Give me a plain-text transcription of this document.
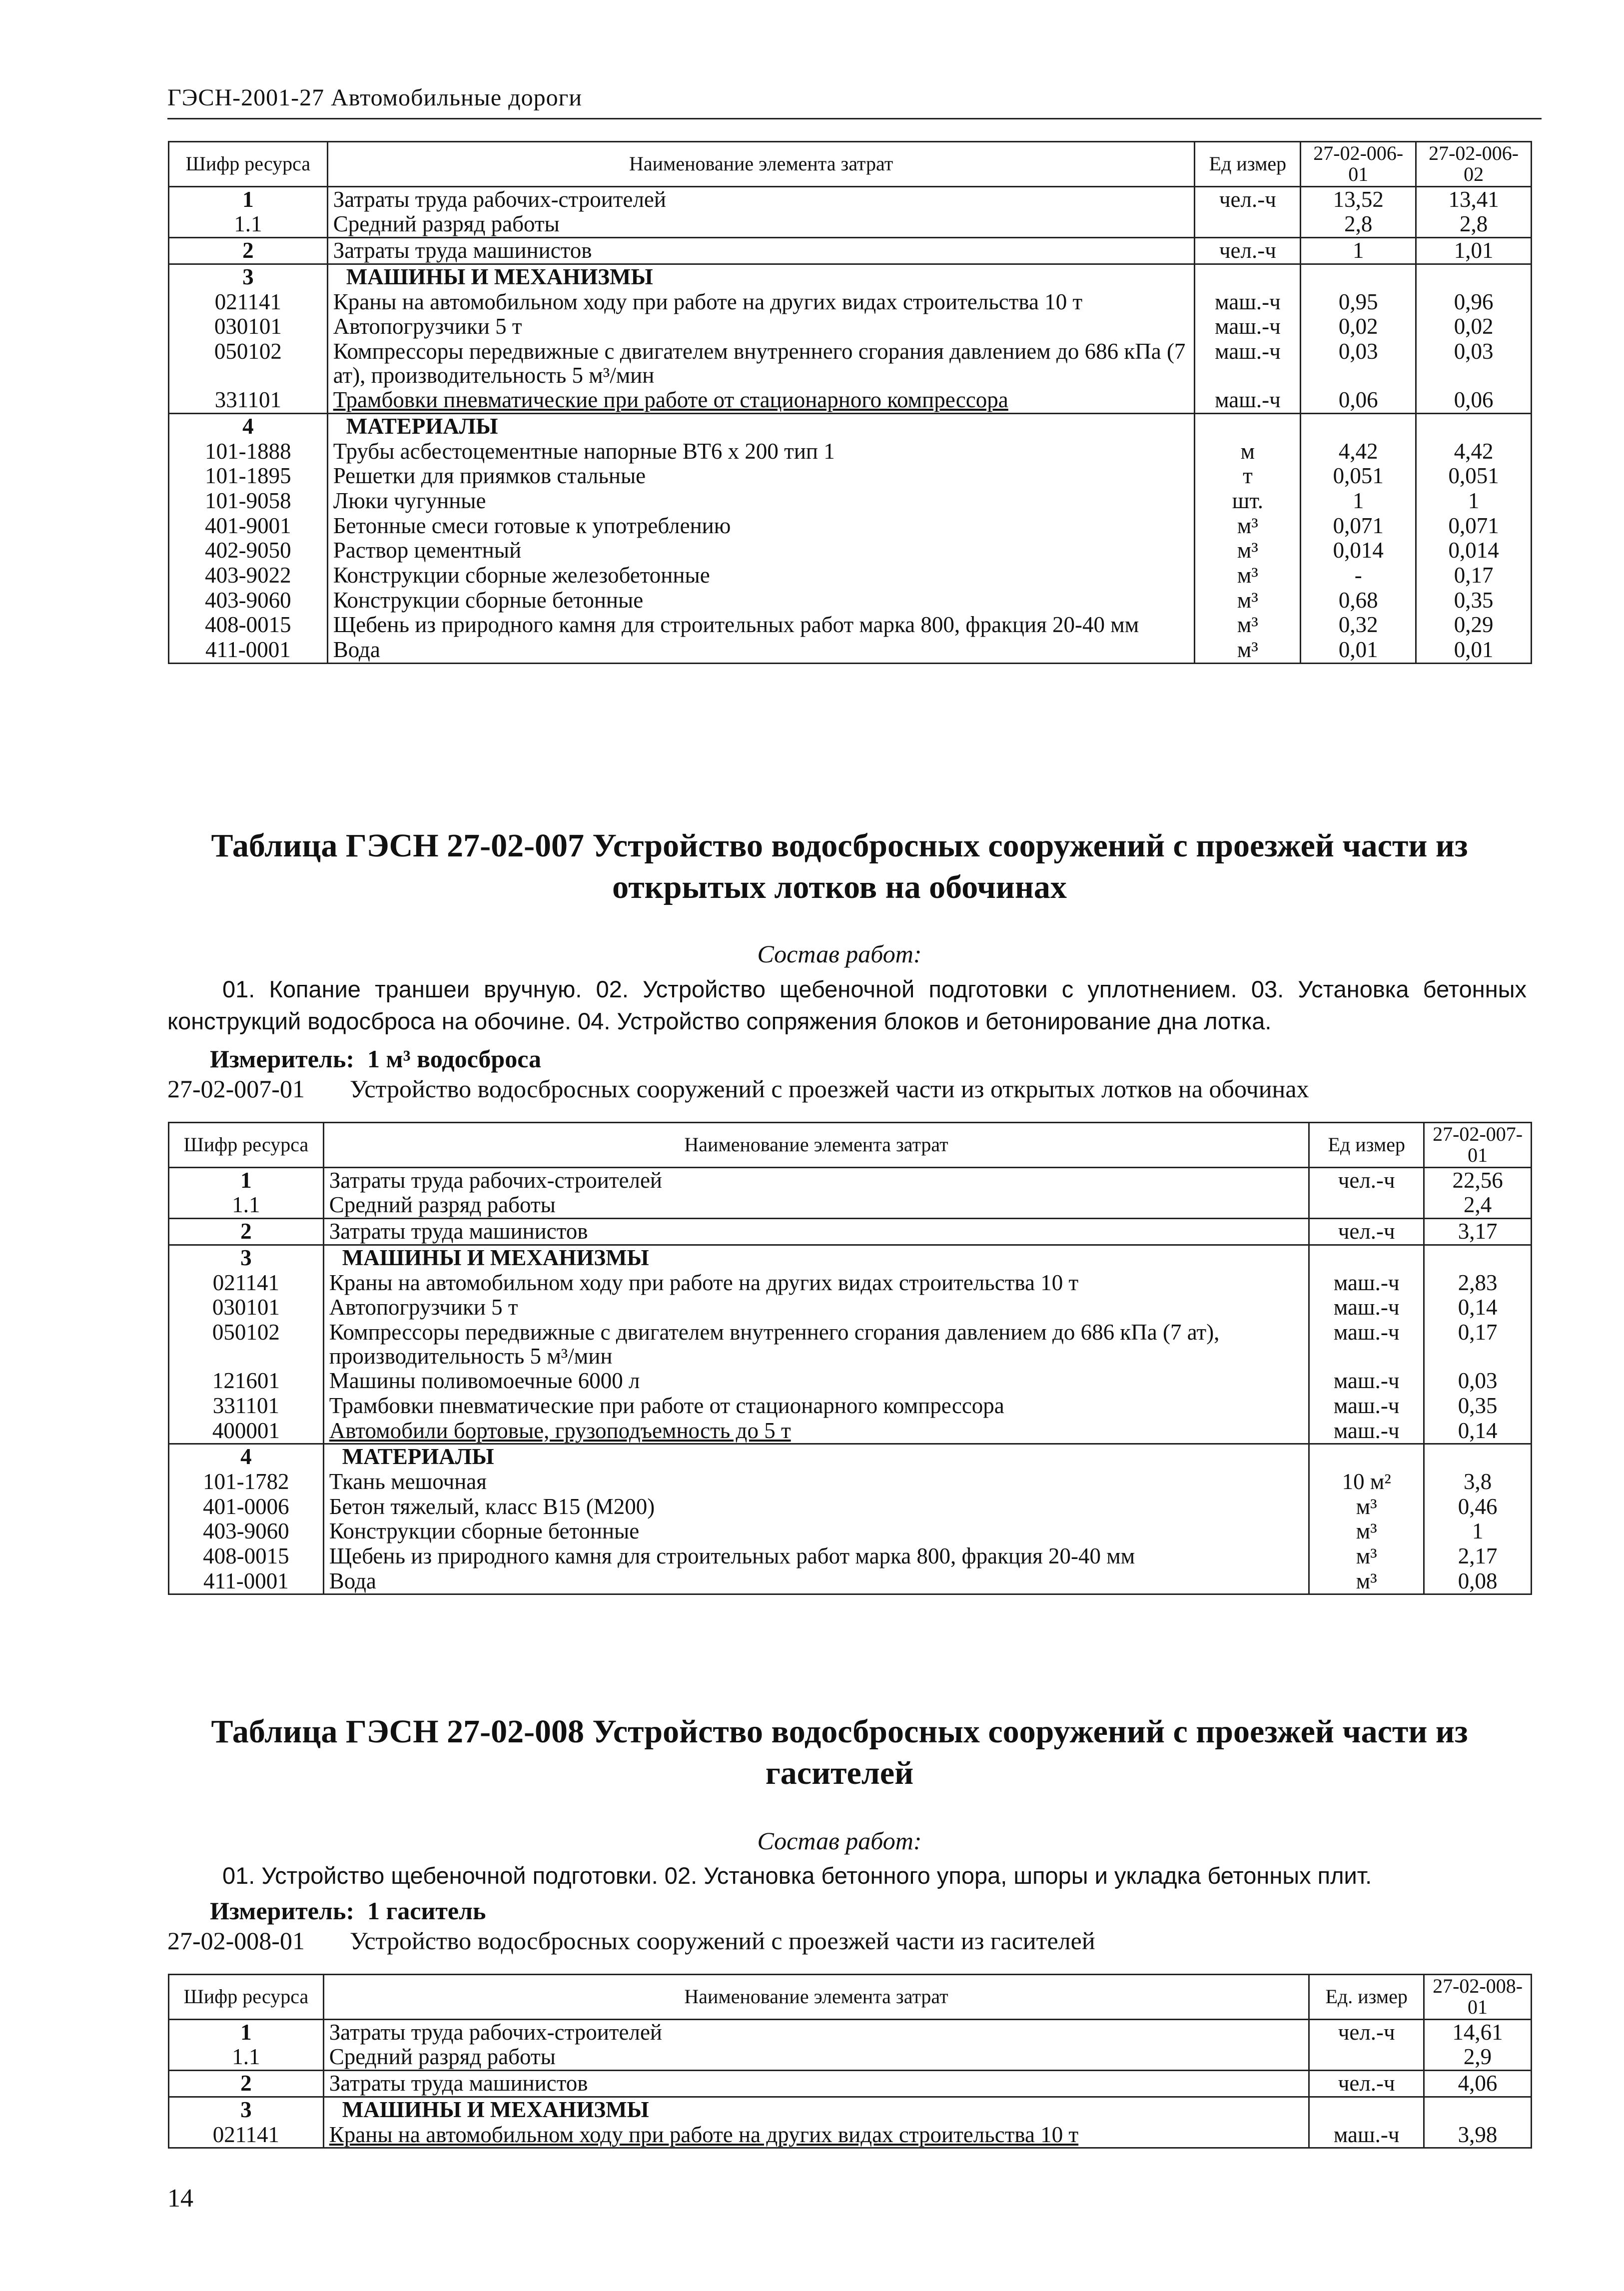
ГЭСН-2001-27 Автомобильные дороги
Шифр ресурса	Наименование элемента затрат	Ед измер	27-02-006-01	27-02-006-02
1	Затраты труда рабочих-строителей	чел.-ч	13,52	13,41
1.1	Средний разряд работы		2,8	2,8
2	Затраты труда машинистов	чел.-ч	1	1,01
3	МАШИНЫ И МЕХАНИЗМЫ			
021141	Краны на автомобильном ходу при работе на других видах строительства 10 т	маш.-ч	0,95	0,96
030101	Автопогрузчики 5 т	маш.-ч	0,02	0,02
050102	Компрессоры передвижные с двигателем внутреннего сгорания давлением до 686 кПа (7 ат), производительность 5 м³/мин	маш.-ч	0,03	0,03
331101	Трамбовки пневматические при работе от стационарного компрессора	маш.-ч	0,06	0,06
4	МАТЕРИАЛЫ			
101-1888	Трубы асбестоцементные напорные ВТ6 х 200 тип 1	м	4,42	4,42
101-1895	Решетки для приямков стальные	т	0,051	0,051
101-9058	Люки чугунные	шт.	1	1
401-9001	Бетонные смеси готовые к употреблению	м³	0,071	0,071
402-9050	Раствор цементный	м³	0,014	0,014
403-9022	Конструкции сборные железобетонные	м³	-	0,17
403-9060	Конструкции сборные бетонные	м³	0,68	0,35
408-0015	Щебень из природного камня для строительных работ марка 800, фракция 20-40 мм	м³	0,32	0,29
411-0001	Вода	м³	0,01	0,01
Таблица ГЭСН 27-02-007 Устройство водосбросных сооружений с проезжей части из открытых лотков на обочинах
Состав работ:
01. Копание траншеи вручную. 02. Устройство щебеночной подготовки с уплотнением. 03. Установка бетонных конструкций водосброса на обочине. 04. Устройство сопряжения блоков и бетонирование дна лотка.
Измеритель: 1 м³ водосброса
27-02-007-01 Устройство водосбросных сооружений с проезжей части из открытых лотков на обочинах
Шифр ресурса	Наименование элемента затрат	Ед измер	27-02-007-01
1	Затраты труда рабочих-строителей	чел.-ч	22,56
1.1	Средний разряд работы		2,4
2	Затраты труда машинистов	чел.-ч	3,17
3	МАШИНЫ И МЕХАНИЗМЫ		
021141	Краны на автомобильном ходу при работе на других видах строительства 10 т	маш.-ч	2,83
030101	Автопогрузчики 5 т	маш.-ч	0,14
050102	Компрессоры передвижные с двигателем внутреннего сгорания давлением до 686 кПа (7 ат), производительность 5 м³/мин	маш.-ч	0,17
121601	Машины поливомоечные 6000 л	маш.-ч	0,03
331101	Трамбовки пневматические при работе от стационарного компрессора	маш.-ч	0,35
400001	Автомобили бортовые, грузоподъемность до 5 т	маш.-ч	0,14
4	МАТЕРИАЛЫ		
101-1782	Ткань мешочная	10 м²	3,8
401-0006	Бетон тяжелый, класс В15 (М200)	м³	0,46
403-9060	Конструкции сборные бетонные	м³	1
408-0015	Щебень из природного камня для строительных работ марка 800, фракция 20-40 мм	м³	2,17
411-0001	Вода	м³	0,08
Таблица ГЭСН 27-02-008 Устройство водосбросных сооружений с проезжей части из гасителей
Состав работ:
01. Устройство щебеночной подготовки. 02. Установка бетонного упора, шпоры и укладка бетонных плит.
Измеритель: 1 гаситель
27-02-008-01 Устройство водосбросных сооружений с проезжей части из гасителей
Шифр ресурса	Наименование элемента затрат	Ед. измер	27-02-008-01
1	Затраты труда рабочих-строителей	чел.-ч	14,61
1.1	Средний разряд работы		2,9
2	Затраты труда машинистов	чел.-ч	4,06
3	МАШИНЫ И МЕХАНИЗМЫ		
021141	Краны на автомобильном ходу при работе на других видах строительства 10 т	маш.-ч	3,98
14
